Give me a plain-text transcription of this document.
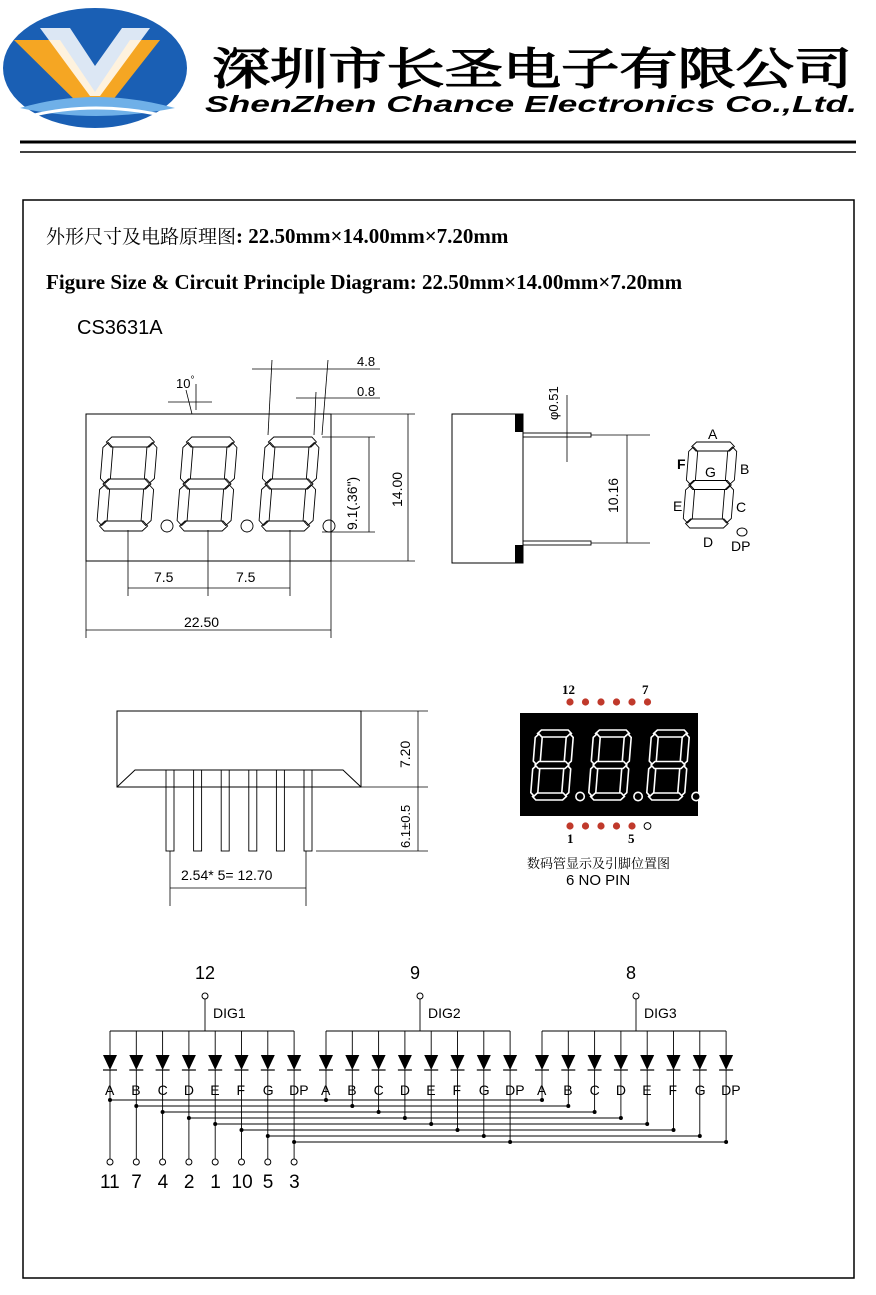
深圳市长圣电子有限公司
ShenZhen Chance Electronics Co.,Ltd.
外形尺寸及电路原理图: 22.50mm×14.00mm×7.20mm
Figure Size & Circuit Principle Diagram: 22.50mm×14.00mm×7.20mm
CS3631A
10°
4.8
0.8
9.1(.36") 14.00
7.5	7.5
22.50
φ0.51
10.16
A
B
C
D
E
F G
DP
7.20
6.1±0.5
2.54* 5= 12.70
12	7
1	5
数码管显示及引脚位置图
6 NO PIN
12
DIG1
A B C D E F G DP
9
DIG2
A B C D E F G DP
8
DIG3
A B C D E F G DP
11 7 4 2 1 10 5 3
